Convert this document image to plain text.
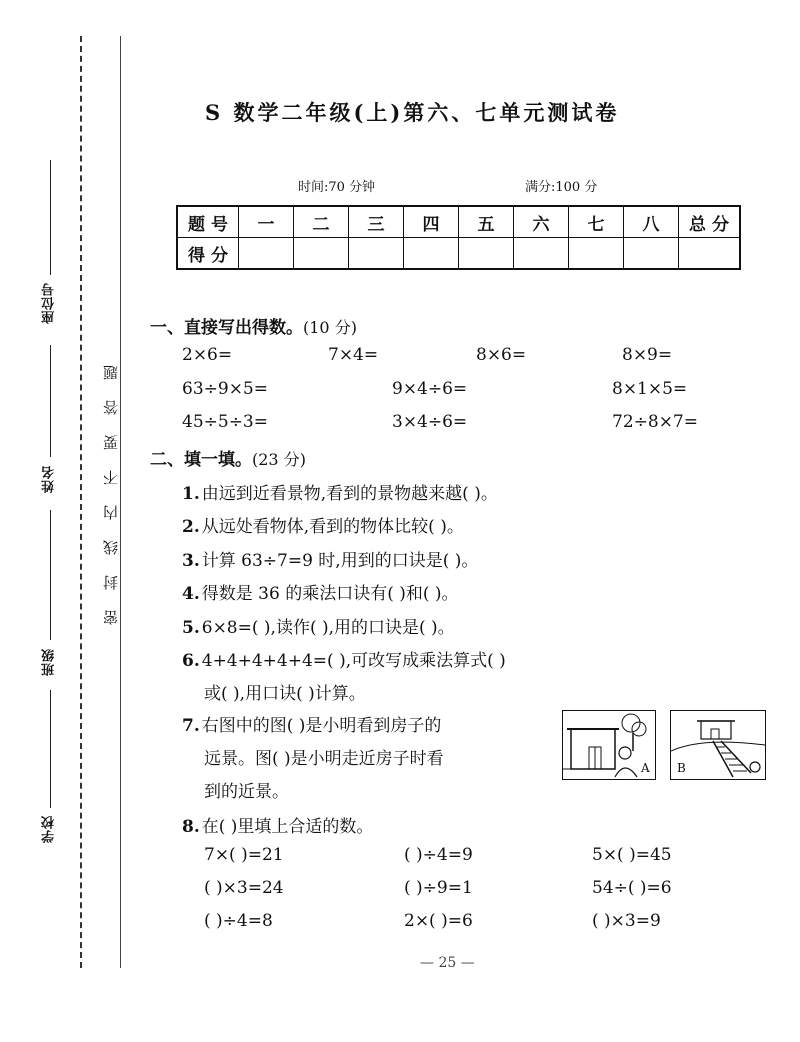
座位号
姓名
班级
学校
密封线内不要答题
S 数学二年级(上)第六、七单元测试卷
时间:70 分钟	满分:100 分
题 号	一	二	三	四	五	六	七	八	总 分
得 分									
一、直接写出得数。(10 分)
2×6=	7×4=	8×6=	8×9=
63÷9×5=	9×4÷6=	8×1×5=
45÷5÷3=	3×4÷6=	72÷8×7=
二、填一填。(23 分)
1. 由远到近看景物,看到的景物越来越( )。
2. 从远处看物体,看到的物体比较( )。
3. 计算 63÷7=9 时,用到的口诀是( )。
4. 得数是 36 的乘法口诀有( )和( )。
5. 6×8=( ),读作( ),用的口诀是( )。
6. 4+4+4+4+4=( ),可改写成乘法算式( )
或( ),用口诀( )计算。
7. 右图中的图( )是小明看到房子的
远景。图( )是小明走近房子时看
到的近景。
A B
8. 在( )里填上合适的数。
7×( )=21	( )÷4=9	5×( )=45
( )×3=24	( )÷9=1	54÷( )=6
( )÷4=8	2×( )=6	( )×3=9
— 25 —
